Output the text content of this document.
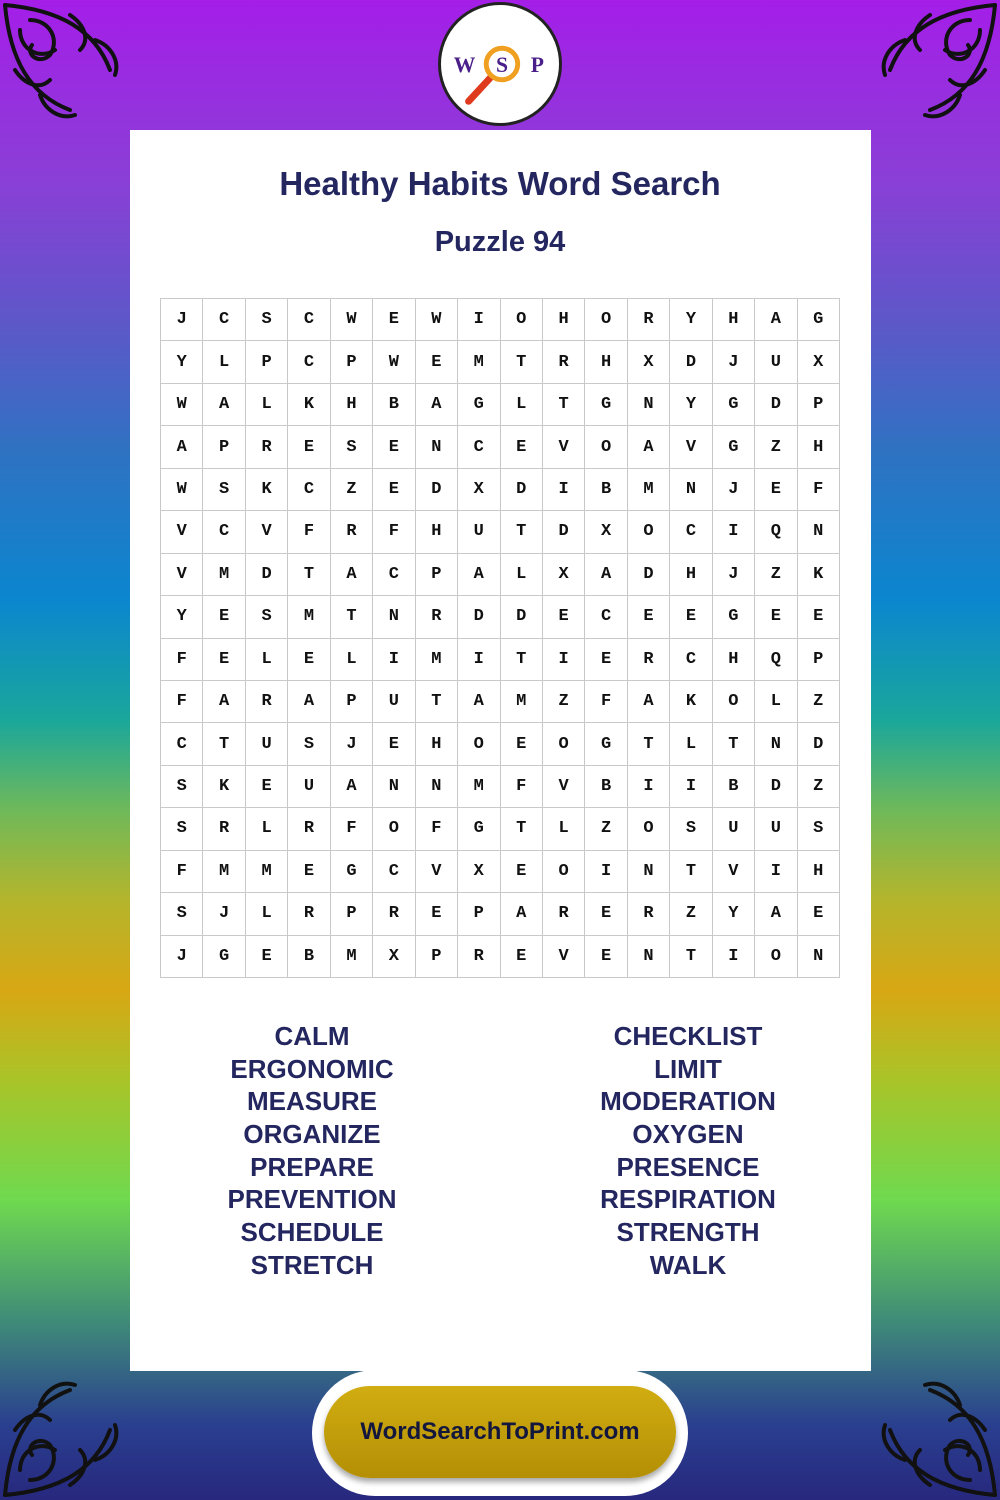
W S P
Healthy Habits Word Search
Puzzle 94
J	C	S	C	W	E	W	I	O	H	O	R	Y	H	A	G
Y	L	P	C	P	W	E	M	T	R	H	X	D	J	U	X
W	A	L	K	H	B	A	G	L	T	G	N	Y	G	D	P
A	P	R	E	S	E	N	C	E	V	O	A	V	G	Z	H
W	S	K	C	Z	E	D	X	D	I	B	M	N	J	E	F
V	C	V	F	R	F	H	U	T	D	X	O	C	I	Q	N
V	M	D	T	A	C	P	A	L	X	A	D	H	J	Z	K
Y	E	S	M	T	N	R	D	D	E	C	E	E	G	E	E
F	E	L	E	L	I	M	I	T	I	E	R	C	H	Q	P
F	A	R	A	P	U	T	A	M	Z	F	A	K	O	L	Z
C	T	U	S	J	E	H	O	E	O	G	T	L	T	N	D
S	K	E	U	A	N	N	M	F	V	B	I	I	B	D	Z
S	R	L	R	F	O	F	G	T	L	Z	O	S	U	U	S
F	M	M	E	G	C	V	X	E	O	I	N	T	V	I	H
S	J	L	R	P	R	E	P	A	R	E	R	Z	Y	A	E
J	G	E	B	M	X	P	R	E	V	E	N	T	I	O	N
CALM
ERGONOMIC
MEASURE
ORGANIZE
PREPARE
PREVENTION
SCHEDULE
STRETCH
CHECKLIST
LIMIT
MODERATION
OXYGEN
PRESENCE
RESPIRATION
STRENGTH
WALK
WordSearchToPrint.com
